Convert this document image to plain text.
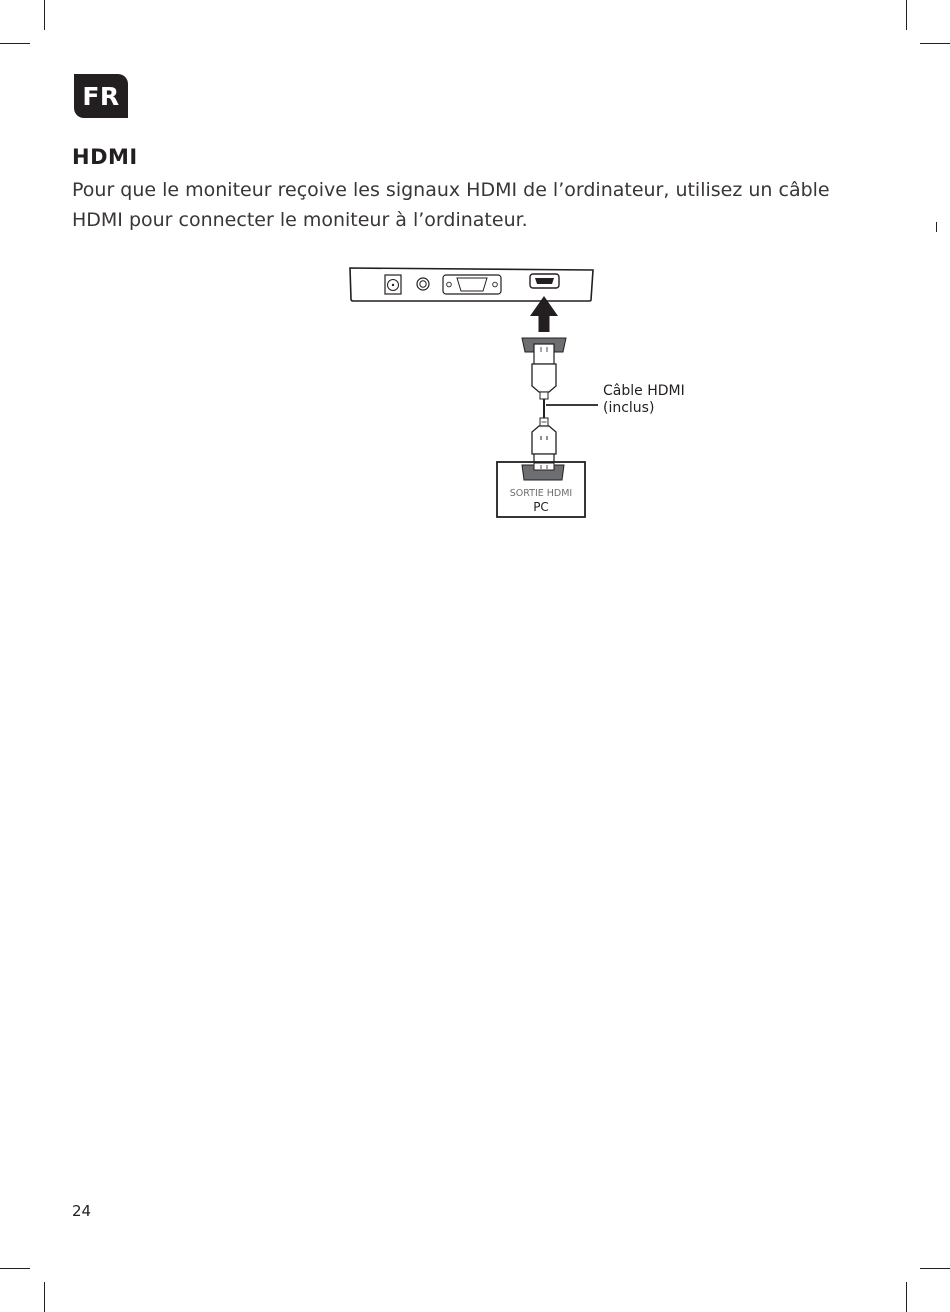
FR
HDMI

Pour que le moniteur reçoive les signaux HDMI de l’ordinateur, utilisez un câble HDMI pour connecter le moniteur à l’ordinateur.

Câble HDMI
(inclus)
SORTIE HDMI
PC
24
